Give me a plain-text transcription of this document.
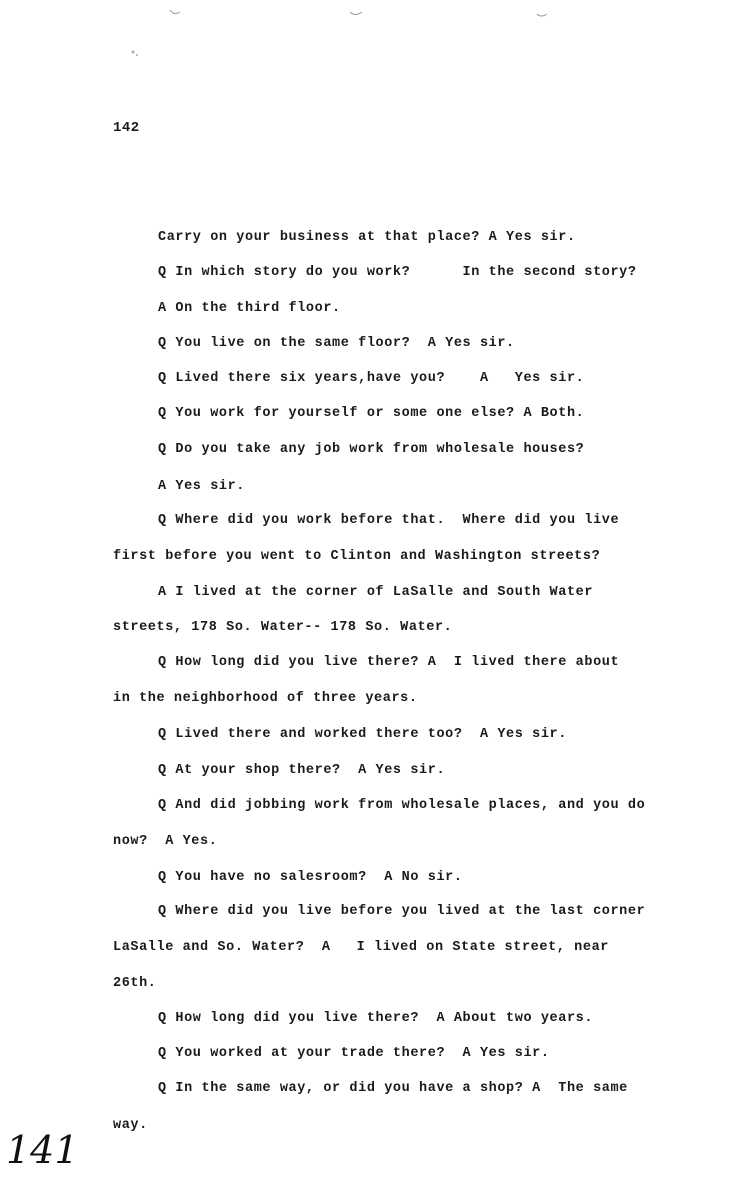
142
Carry on your business at that place? A Yes sir.
Q In which story do you work?      In the second story?
A On the third floor.
Q You live on the same floor?  A Yes sir.
Q Lived there six years,have you?    A   Yes sir.
Q You work for yourself or some one else? A Both.
Q Do you take any job work from wholesale houses?
A Yes sir.
Q Where did you work before that.  Where did you live
first before you went to Clinton and Washington streets?
A I lived at the corner of LaSalle and South Water
streets, 178 So. Water-- 178 So. Water.
Q How long did you live there? A  I lived there about
in the neighborhood of three years.
Q Lived there and worked there too?  A Yes sir.
Q At your shop there?  A Yes sir.
Q And did jobbing work from wholesale places, and you do
now?  A Yes.
Q You have no salesroom?  A No sir.
Q Where did you live before you lived at the last corner
LaSalle and So. Water?  A   I lived on State street, near
26th.
Q How long did you live there?  A About two years.
Q You worked at your trade there?  A Yes sir.
Q In the same way, or did you have a shop? A  The same
way.
141
